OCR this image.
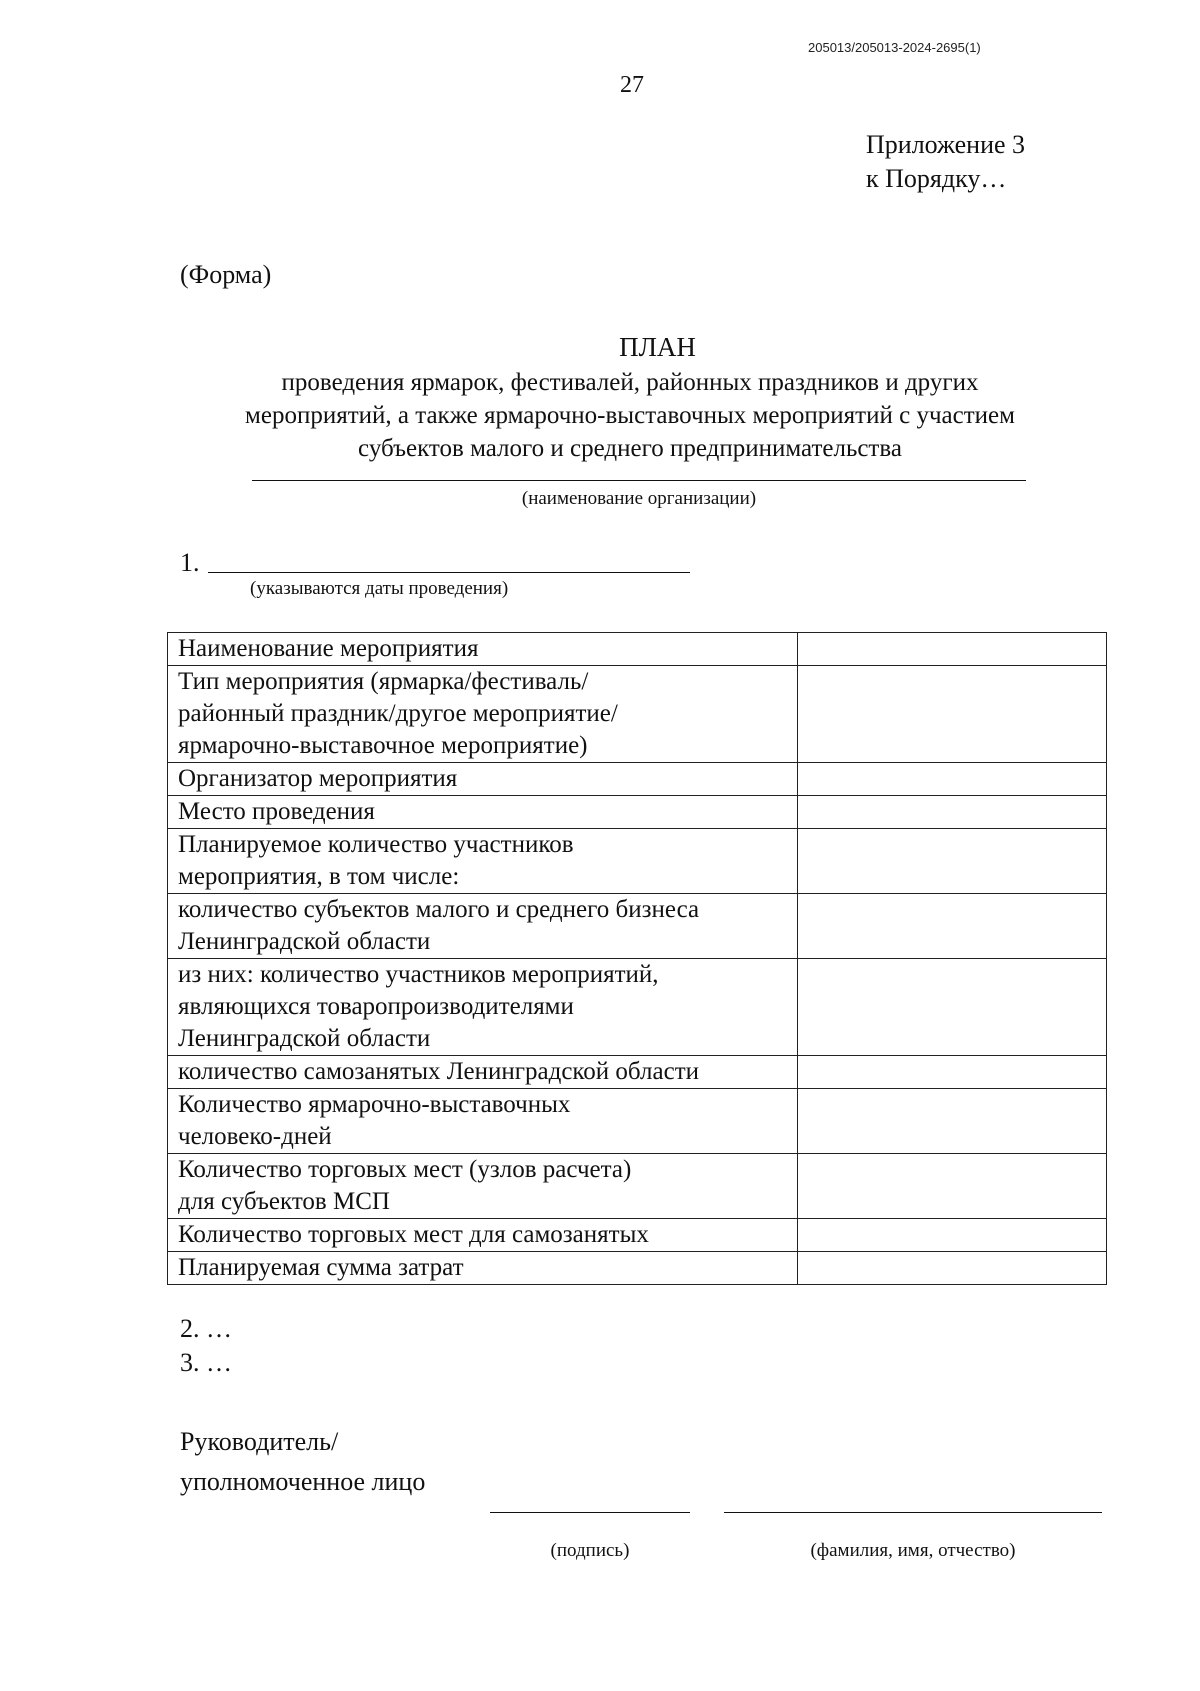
205013/205013-2024-2695(1)
27
Приложение 3
к Порядку…
(Форма)
ПЛАН
проведения ярмарок, фестивалей, районных праздников и других
мероприятий, а также ярмарочно-выставочных мероприятий с участием
субъектов малого и среднего предпринимательства
(наименование организации)
1.
(указываются даты проведения)
Наименование мероприятия	

Тип мероприятия (ярмарка/фестиваль/
районный праздник/другое мероприятие/
ярмарочно-выставочное мероприятие)	

Организатор мероприятия	

Место проведения	

Планируемое количество участников
мероприятия, в том числе:	

количество субъектов малого и среднего бизнеса
Ленинградской области	

из них: количество участников мероприятий,
являющихся товаропроизводителями
Ленинградской области	

количество самозанятых Ленинградской области	

Количество ярмарочно-выставочных
человеко-дней	

Количество торговых мест (узлов расчета)
для субъектов МСП	

Количество торговых мест для самозанятых	

Планируемая сумма затрат	

2. …
3. …
Руководитель/
уполномоченное лицо
(подпись)	(фамилия, имя, отчество)
